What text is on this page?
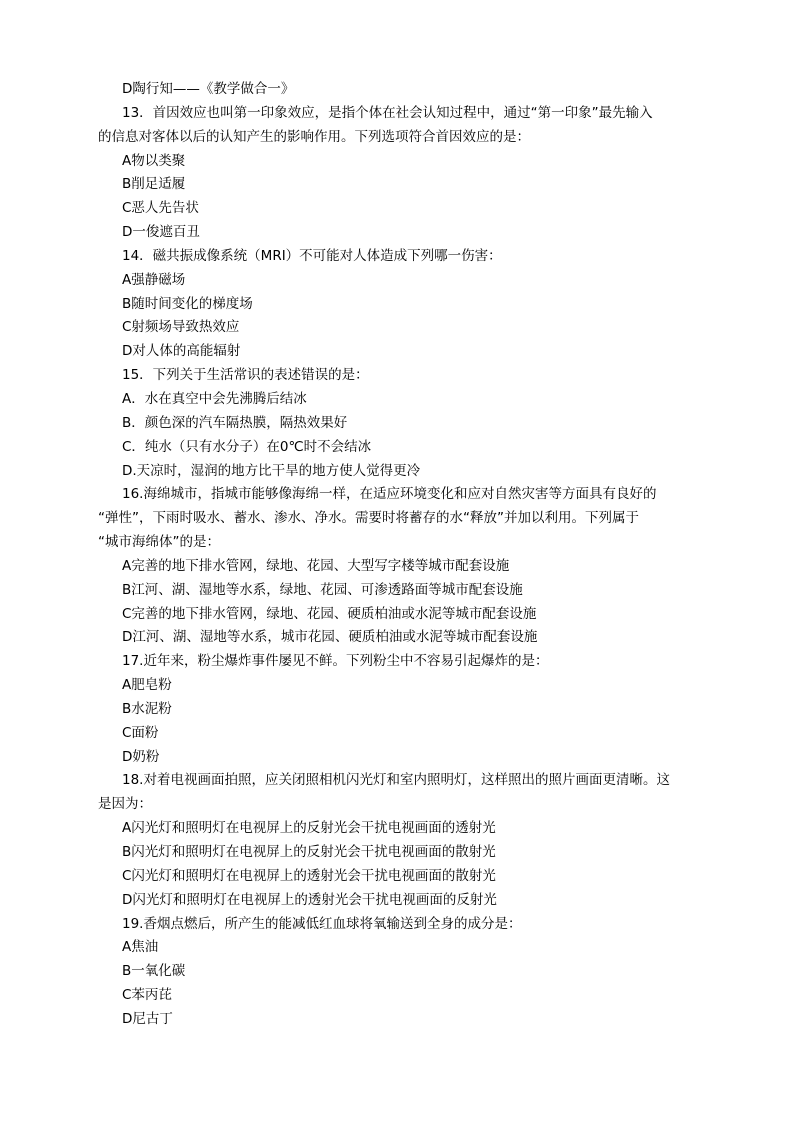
D陶行知——《教学做合一》
13．首因效应也叫第一印象效应，是指个体在社会认知过程中，通过“第一印象”最先输入
的信息对客体以后的认知产生的影响作用。下列选项符合首因效应的是：
A物以类聚
B削足适履
C恶人先告状
D一俊遮百丑
14．磁共振成像系统（MRI）不可能对人体造成下列哪一伤害：
A强静磁场
B随时间变化的梯度场
C射频场导致热效应
D对人体的高能辐射
15．下列关于生活常识的表述错误的是：
A．水在真空中会先沸腾后结冰
B．颜色深的汽车隔热膜，隔热效果好
C．纯水（只有水分子）在0℃时不会结冰
D.天凉时，湿润的地方比干旱的地方使人觉得更冷
16.海绵城市，指城市能够像海绵一样，在适应环境变化和应对自然灾害等方面具有良好的
“弹性”，下雨时吸水、蓄水、渗水、净水。需要时将蓄存的水“释放”并加以利用。下列属于
“城市海绵体”的是：
A完善的地下排水管网，绿地、花园、大型写字楼等城市配套设施
B江河、湖、湿地等水系，绿地、花园、可渗透路面等城市配套设施
C完善的地下排水管网，绿地、花园、硬质柏油或水泥等城市配套设施
D江河、湖、湿地等水系，城市花园、硬质柏油或水泥等城市配套设施
17.近年来，粉尘爆炸事件屡见不鲜。下列粉尘中不容易引起爆炸的是：
A肥皂粉
B水泥粉
C面粉
D奶粉
18.对着电视画面拍照，应关闭照相机闪光灯和室内照明灯，这样照出的照片画面更清晰。这
是因为：
A闪光灯和照明灯在电视屏上的反射光会干扰电视画面的透射光
B闪光灯和照明灯在电视屏上的反射光会干扰电视画面的散射光
C闪光灯和照明灯在电视屏上的透射光会干扰电视画面的散射光
D闪光灯和照明灯在电视屏上的透射光会干扰电视画面的反射光
19.香烟点燃后，所产生的能减低红血球将氧输送到全身的成分是：
A焦油
B一氧化碳
C苯丙芘
D尼古丁
